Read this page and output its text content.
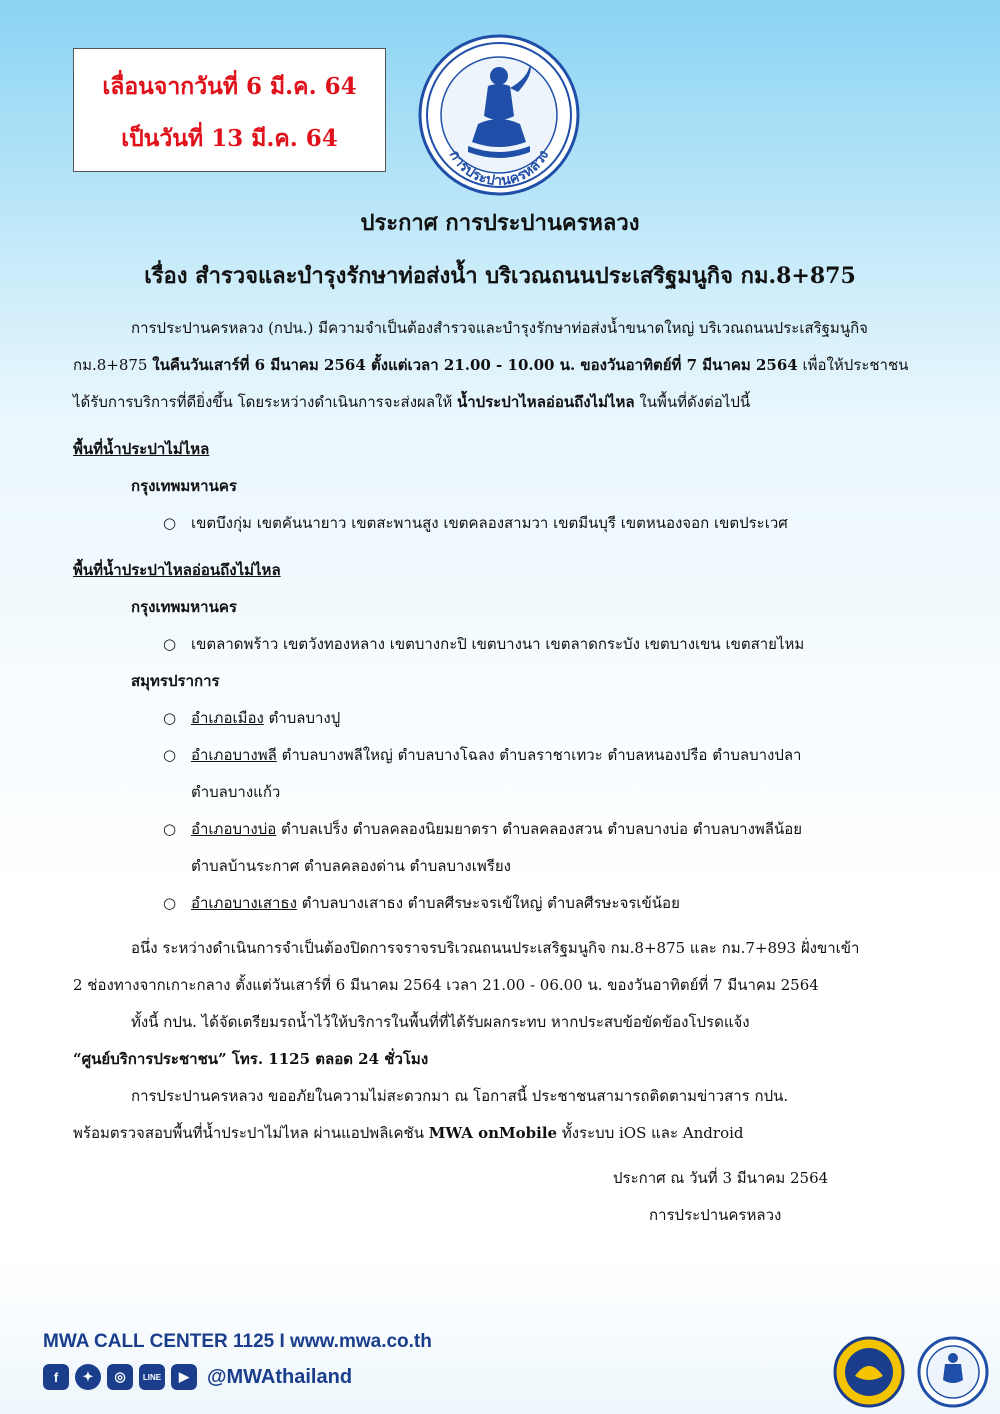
เลื่อนจากวันที่ 6 มี.ค. 64
เป็นวันที่ 13 มี.ค. 64
การประปานครหลวง
ประกาศ การประปานครหลวง
เรื่อง สำรวจและบำรุงรักษาท่อส่งน้ำ บริเวณถนนประเสริฐมนูกิจ กม.8+875

การประปานครหลวง (กปน.) มีความจำเป็นต้องสำรวจและบำรุงรักษาท่อส่งน้ำขนาดใหญ่ บริเวณถนนประเสริฐมนูกิจ
กม.8+875 ในคืนวันเสาร์ที่ 6 มีนาคม 2564 ตั้งแต่เวลา 21.00 - 10.00 น. ของวันอาทิตย์ที่ 7 มีนาคม 2564 เพื่อให้ประชาชน
ได้รับการบริการที่ดียิ่งขึ้น โดยระหว่างดำเนินการจะส่งผลให้ น้ำประปาไหลอ่อนถึงไม่ไหล ในพื้นที่ดังต่อไปนี้

พื้นที่น้ำประปาไม่ไหล
กรุงเทพมหานคร
○ เขตบึงกุ่ม เขตคันนายาว เขตสะพานสูง เขตคลองสามวา เขตมีนบุรี เขตหนองจอก เขตประเวศ
พื้นที่น้ำประปาไหลอ่อนถึงไม่ไหล
กรุงเทพมหานคร
○ เขตลาดพร้าว เขตวังทองหลาง เขตบางกะปิ เขตบางนา เขตลาดกระบัง เขตบางเขน เขตสายไหม
สมุทรปราการ
○ อำเภอเมือง ตำบลบางปู
○ อำเภอบางพลี ตำบลบางพลีใหญ่ ตำบลบางโฉลง ตำบลราชาเทวะ ตำบลหนองปรือ ตำบลบางปลา
ตำบลบางแก้ว
○ อำเภอบางบ่อ ตำบลเปร็ง ตำบลคลองนิยมยาตรา ตำบลคลองสวน ตำบลบางบ่อ ตำบลบางพลีน้อย
ตำบลบ้านระกาศ ตำบลคลองด่าน ตำบลบางเพรียง
○ อำเภอบางเสาธง ตำบลบางเสาธง ตำบลศีรษะจรเข้ใหญ่ ตำบลศีรษะจรเข้น้อย

อนึ่ง ระหว่างดำเนินการจำเป็นต้องปิดการจราจรบริเวณถนนประเสริฐมนูกิจ กม.8+875 และ กม.7+893 ฝั่งขาเข้า
2 ช่องทางจากเกาะกลาง ตั้งแต่วันเสาร์ที่ 6 มีนาคม 2564 เวลา 21.00 - 06.00 น. ของวันอาทิตย์ที่ 7 มีนาคม 2564

ทั้งนี้ กปน. ได้จัดเตรียมรถน้ำไว้ให้บริการในพื้นที่ที่ได้รับผลกระทบ หากประสบข้อขัดข้องโปรดแจ้ง
“ศูนย์บริการประชาชน” โทร. 1125 ตลอด 24 ชั่วโมง

การประปานครหลวง ขออภัยในความไม่สะดวกมา ณ โอกาสนี้ ประชาชนสามารถติดตามข่าวสาร กปน.
พร้อมตรวจสอบพื้นที่น้ำประปาไม่ไหล ผ่านแอปพลิเคชัน MWA onMobile ทั้งระบบ iOS และ Android

ประกาศ ณ วันที่ 3 มีนาคม 2564
การประปานครหลวง
MWA CALL CENTER 1125 I www.mwa.co.th
f	✦	◎	LINE	▶ @MWAthailand
